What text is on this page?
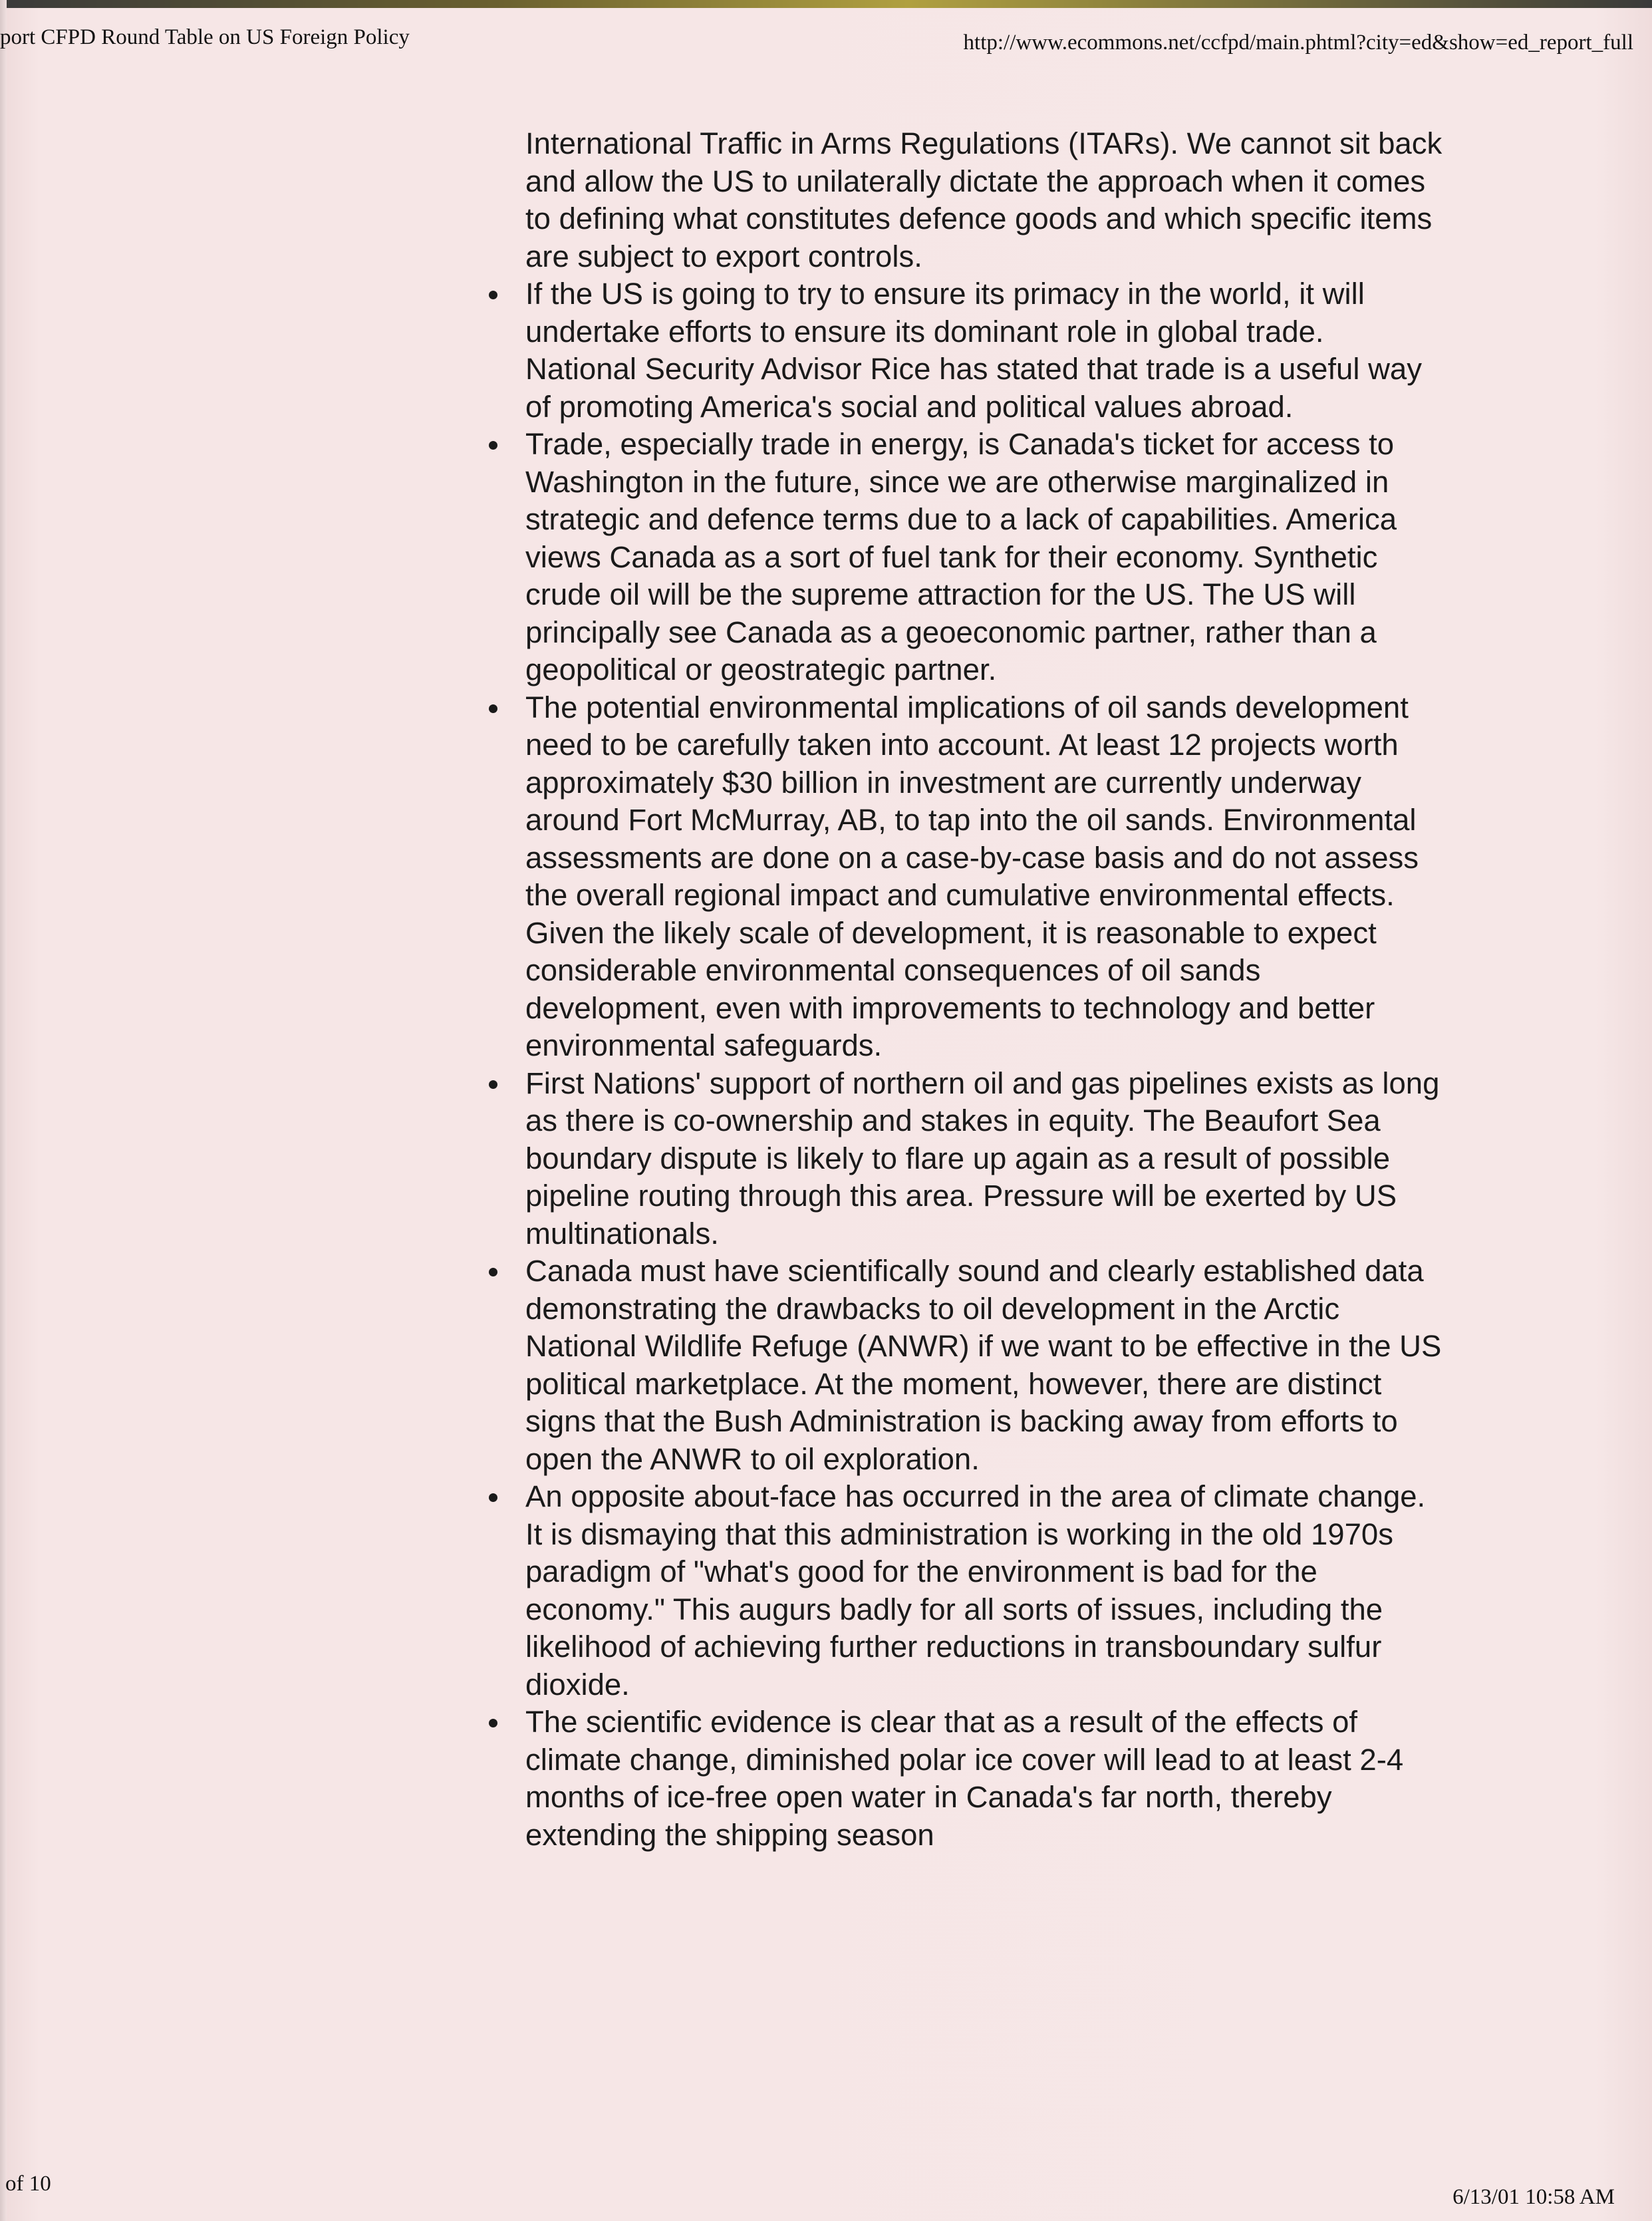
port CFPD Round Table on US Foreign Policy	http://www.ecommons.net/ccfpd/main.phtml?city=ed&show=ed_report_full

International Traffic in Arms Regulations (ITARs). We cannot sit back and allow the US to unilaterally dictate the approach when it comes to defining what constitutes defence goods and which specific items are subject to export controls.

If the US is going to try to ensure its primacy in the world, it will undertake efforts to ensure its dominant role in global trade. National Security Advisor Rice has stated that trade is a useful way of promoting America's social and political values abroad.
Trade, especially trade in energy, is Canada's ticket for access to Washington in the future, since we are otherwise marginalized in strategic and defence terms due to a lack of capabilities. America views Canada as a sort of fuel tank for their economy. Synthetic crude oil will be the supreme attraction for the US. The US will principally see Canada as a geoeconomic partner, rather than a geopolitical or geostrategic partner.
The potential environmental implications of oil sands development need to be carefully taken into account. At least 12 projects worth approximately $30 billion in investment are currently underway around Fort McMurray, AB, to tap into the oil sands. Environmental assessments are done on a case-by-case basis and do not assess the overall regional impact and cumulative environmental effects. Given the likely scale of development, it is reasonable to expect considerable environmental consequences of oil sands development, even with improvements to technology and better environmental safeguards.
First Nations' support of northern oil and gas pipelines exists as long as there is co-ownership and stakes in equity. The Beaufort Sea boundary dispute is likely to flare up again as a result of possible pipeline routing through this area. Pressure will be exerted by US multinationals.
Canada must have scientifically sound and clearly established data demonstrating the drawbacks to oil development in the Arctic National Wildlife Refuge (ANWR) if we want to be effective in the US political marketplace. At the moment, however, there are distinct signs that the Bush Administration is backing away from efforts to open the ANWR to oil exploration.
An opposite about-face has occurred in the area of climate change. It is dismaying that this administration is working in the old 1970s paradigm of "what's good for the environment is bad for the economy." This augurs badly for all sorts of issues, including the likelihood of achieving further reductions in transboundary sulfur dioxide.
The scientific evidence is clear that as a result of the effects of climate change, diminished polar ice cover will lead to at least 2-4 months of ice-free open water in Canada's far north, thereby extending the shipping season
of 10
6/13/01 10:58 AM
